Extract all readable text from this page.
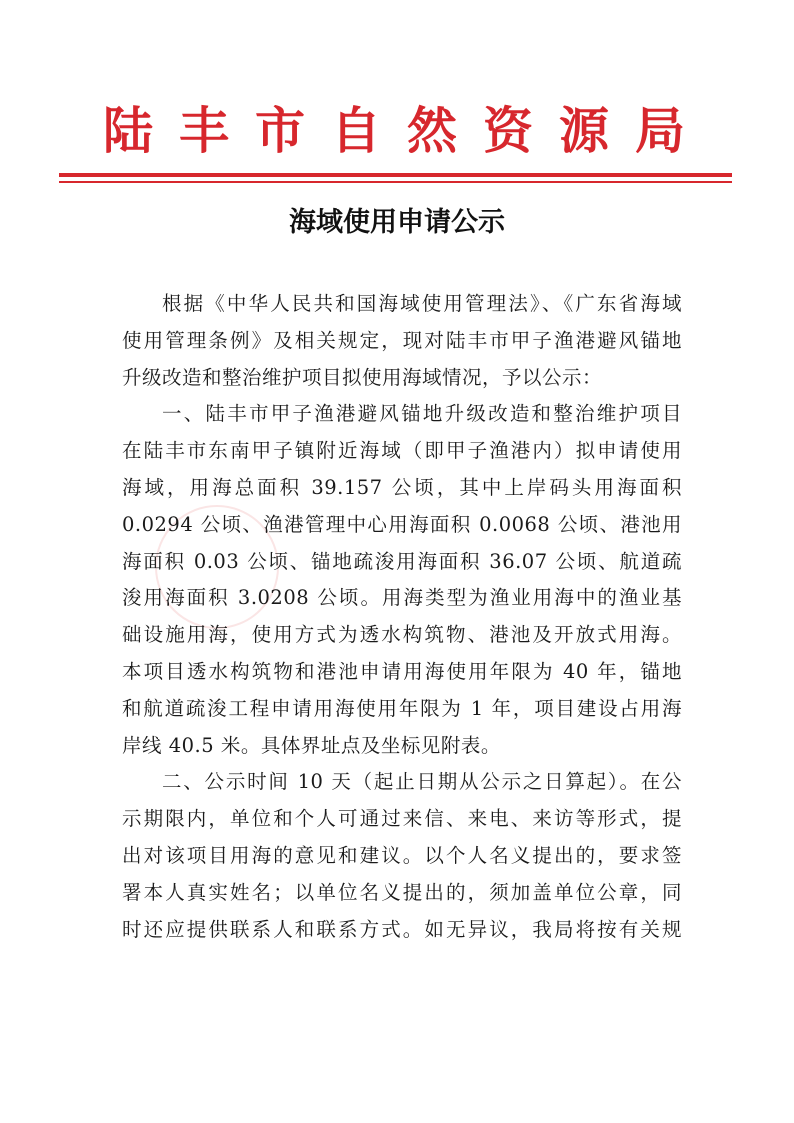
陆丰市自然资源局
海域使用申请公示
根据《中华人民共和国海域使用管理法》、《广东省海域
使用管理条例》及相关规定，现对陆丰市甲子渔港避风锚地
升级改造和整治维护项目拟使用海域情况，予以公示：
一、陆丰市甲子渔港避风锚地升级改造和整治维护项目
在陆丰市东南甲子镇附近海域（即甲子渔港内）拟申请使用
海域，用海总面积 39.157 公顷，其中上岸码头用海面积
0.0294 公顷、渔港管理中心用海面积 0.0068 公顷、港池用
海面积 0.03 公顷、锚地疏浚用海面积 36.07 公顷、航道疏
浚用海面积 3.0208 公顷。用海类型为渔业用海中的渔业基
础设施用海，使用方式为透水构筑物、港池及开放式用海。
本项目透水构筑物和港池申请用海使用年限为 40 年，锚地
和航道疏浚工程申请用海使用年限为 1 年，项目建设占用海
岸线 40.5 米。具体界址点及坐标见附表。
二、公示时间 10 天（起止日期从公示之日算起）。在公
示期限内，单位和个人可通过来信、来电、来访等形式，提
出对该项目用海的意见和建议。以个人名义提出的，要求签
署本人真实姓名；以单位名义提出的，须加盖单位公章，同
时还应提供联系人和联系方式。如无异议，我局将按有关规
